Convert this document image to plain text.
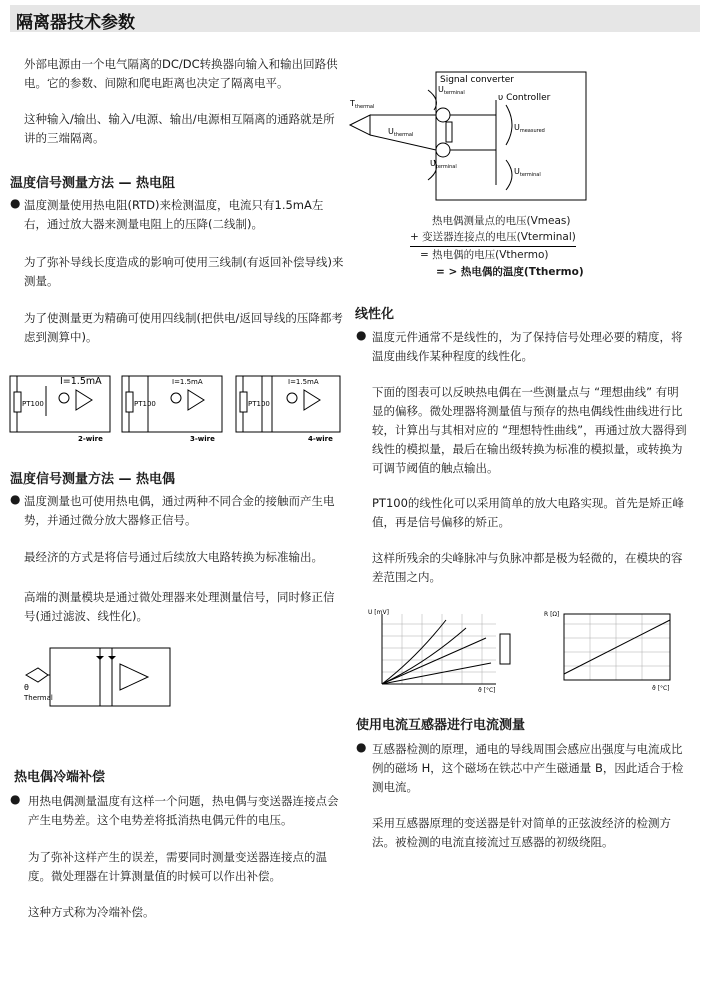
隔离器技术参数

外部电源由一个电气隔离的DC/DC转换器向输入和输出回路供电。它的参数、间隙和爬电距离也决定了隔离电平。

这种输入/输出、输入/电源、输出/电源相互隔离的通路就是所讲的三端隔离。

温度信号测量方法 — 热电阻
● 温度测量使用热电阻(RTD)来检测温度，电流只有1.5mA左右，通过放大器来测量电阻上的压降(二线制)。

为了弥补导线长度造成的影响可使用三线制(有返回补偿导线)来测量。

为了使测量更为精确可使用四线制(把供电/返回导线的压降都考虑到测算中)。

I=1.5mA
PT100
2-wire
I=1.5mA
PT100
3-wire
I=1.5mA
PT100
4-wire
温度信号测量方法 — 热电偶
● 温度测量也可使用热电偶，通过两种不同合金的接触而产生电势，并通过微分放大器修正信号。

最经济的方式是将信号通过后续放大电路转换为标准输出。

高端的测量模块是通过微处理器来处理测量信号，同时修正信号(通过滤波、线性化)。

θ
Thermal
热电偶冷端补偿
● 用热电偶测量温度有这样一个问题，热电偶与变送器连接点会产生电势差。这个电势差将抵消热电偶元件的电压。

为了弥补这样产生的误差，需要同时测量变送器连接点的温度。微处理器在计算测量值的时候可以作出补偿。

这种方式称为冷端补偿。

Signal converter
υ Controller
$T_{thermal}$
$U_{terminal}$
$U_{thermal}$
$U_{measured}$
$U_{terminal}$	$U_{terminal}$
热电偶测量点的电压(Vmeas)
+ 变送器连接点的电压(Vterminal)
= 热电偶的电压(Vthermo)
= > 热电偶的温度(Tthermo)
线性化
● 温度元件通常不是线性的，为了保持信号处理必要的精度，将温度曲线作某种程度的线性化。

下面的图表可以反映热电偶在一些测量点与 “理想曲线” 有明显的偏移。微处理器将测量值与预存的热电偶线性曲线进行比较，计算出与其相对应的 “理想特性曲线”，再通过放大器得到线性的模拟量，最后在输出级转换为标准的模拟量，或转换为可调节阈值的触点输出。

PT100的线性化可以采用简单的放大电路实现。首先是矫正峰值，再是信号偏移的矫正。

这样所残余的尖峰脉冲与负脉冲都是极为轻微的，在模块的容差范围之内。

U [mV]
ϑ [°C]
R [Ω]
ϑ [°C]
使用电流互感器进行电流测量
● 互感器检测的原理，通电的导线周围会感应出强度与电流成比例的磁场 H，这个磁场在铁芯中产生磁通量 B，因此适合于检测电流。

采用互感器原理的变送器是针对简单的正弦波经济的检测方法。被检测的电流直接流过互感器的初级绕阻。
